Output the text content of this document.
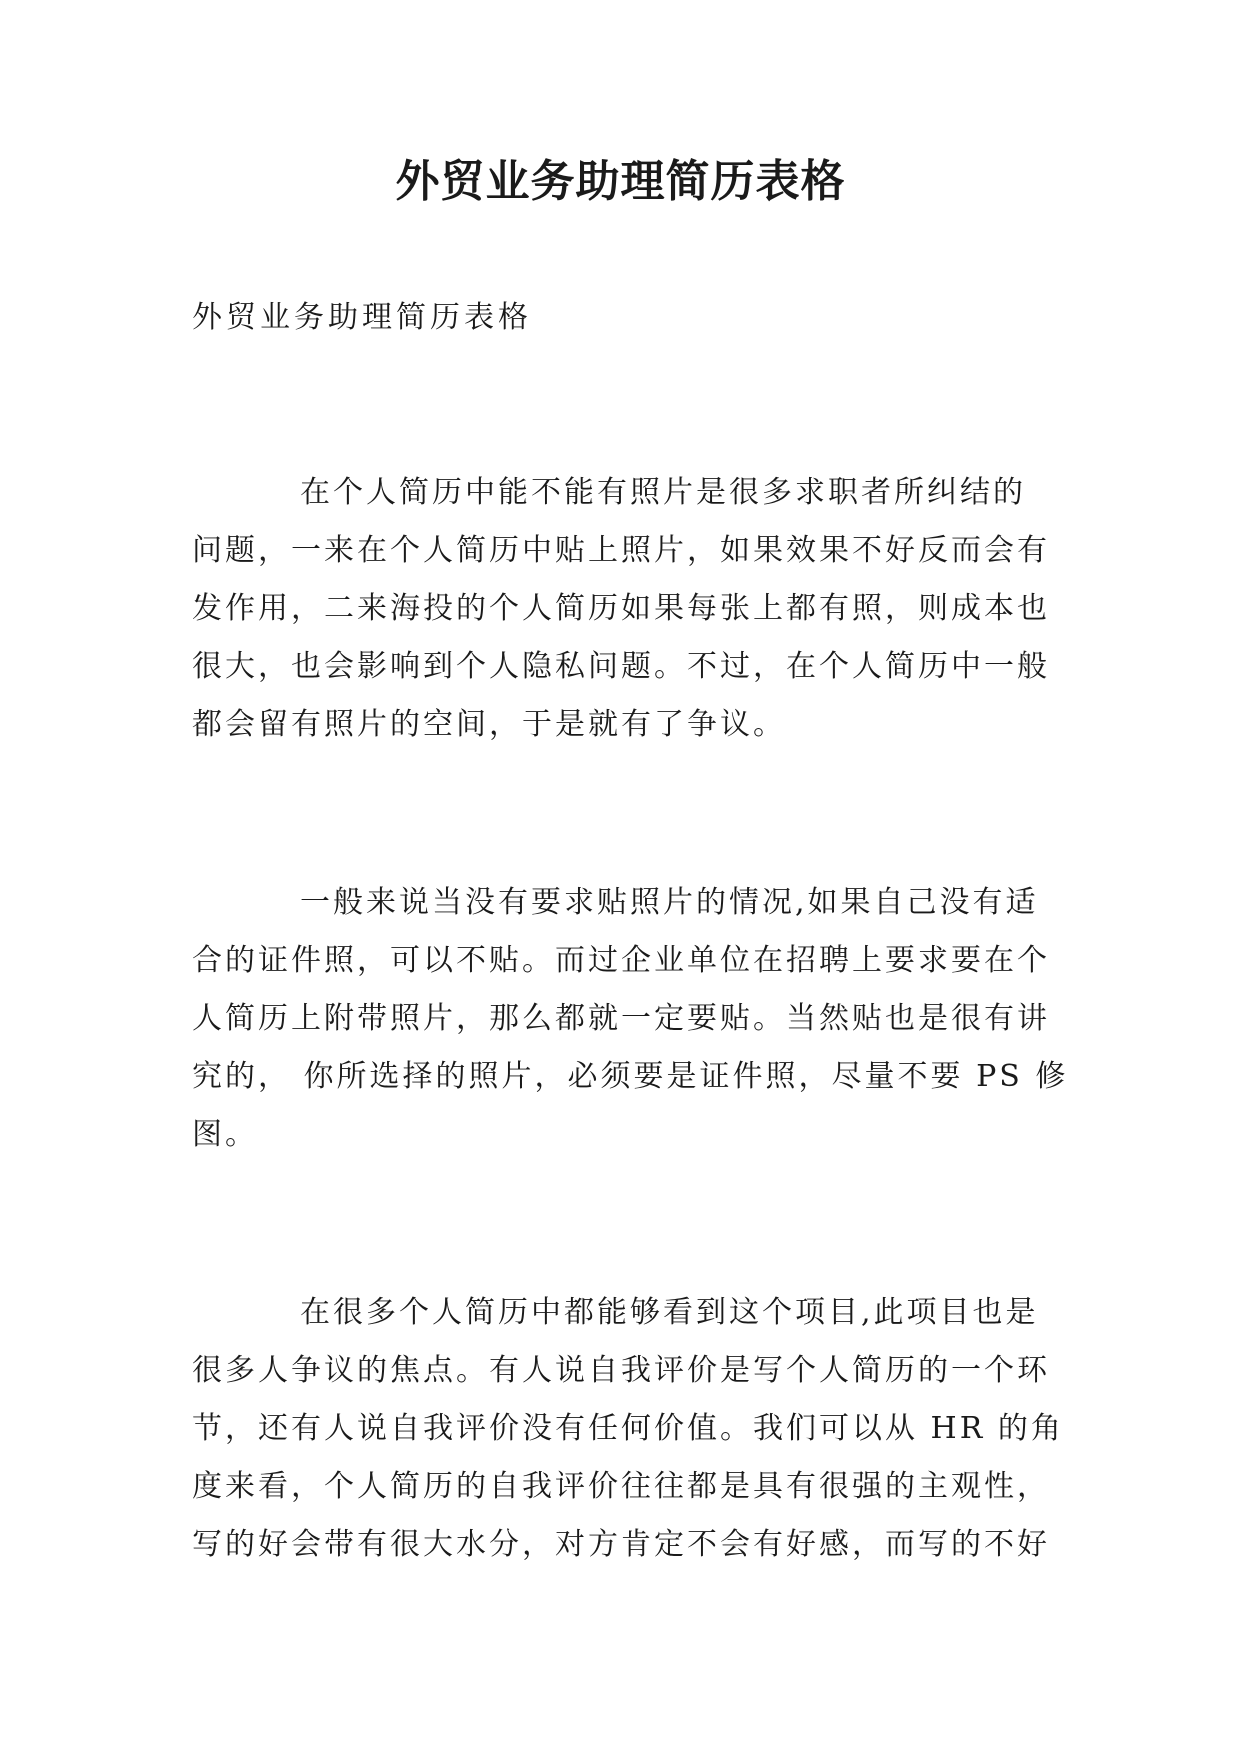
外贸业务助理简历表格

外贸业务助理简历表格

在个人简历中能不能有照片是很多求职者所纠结的
问题，一来在个人简历中贴上照片，如果效果不好反而会有
发作用，二来海投的个人简历如果每张上都有照，则成本也
很大，也会影响到个人隐私问题。不过，在个人简历中一般
都会留有照片的空间，于是就有了争议。
一般来说当没有要求贴照片的情况,如果自己没有适
合的证件照，可以不贴。而过企业单位在招聘上要求要在个
人简历上附带照片，那么都就一定要贴。当然贴也是很有讲
究的， 你所选择的照片，必须要是证件照，尽量不要 PS 修
图。
在很多个人简历中都能够看到这个项目,此项目也是
很多人争议的焦点。有人说自我评价是写个人简历的一个环
节，还有人说自我评价没有任何价值。我们可以从 HR 的角
度来看，个人简历的自我评价往往都是具有很强的主观性，
写的好会带有很大水分，对方肯定不会有好感，而写的不好
